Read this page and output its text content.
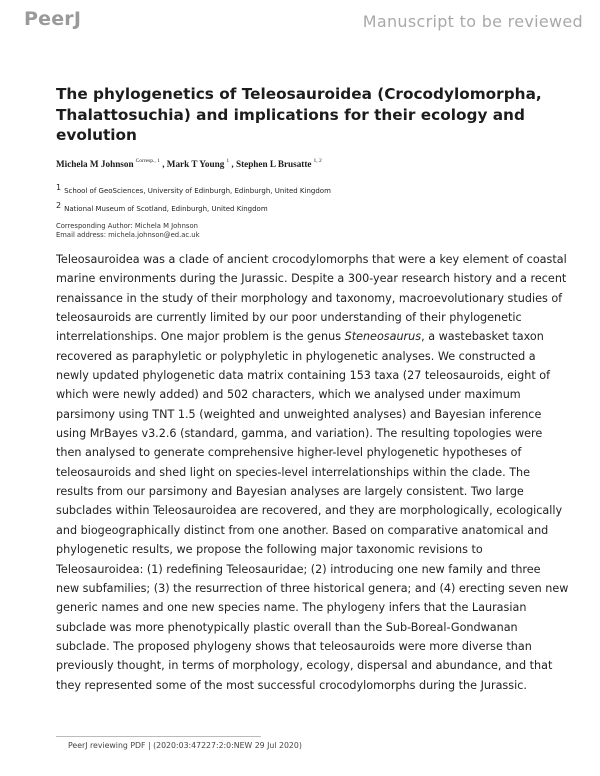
PeerJ	Manuscript to be reviewed
The phylogenetics of Teleosauroidea (Crocodylomorpha, Thalattosuchia) and implications for their ecology and evolution
Michela M Johnson $^{Corresp., 1}$ , Mark T Young $^1$ , Stephen L Brusatte $^{1, 2}$
1 School of GeoSciences, University of Edinburgh, Edinburgh, United Kingdom
2 National Museum of Scotland, Edinburgh, United Kingdom
Corresponding Author: Michela M Johnson
Email address: michela.johnson@ed.ac.uk
Teleosauroidea was a clade of ancient crocodylomorphs that were a key element of coastal
marine environments during the Jurassic. Despite a 300-year research history and a recent
renaissance in the study of their morphology and taxonomy, macroevolutionary studies of
teleosauroids are currently limited by our poor understanding of their phylogenetic
interrelationships. One major problem is the genus Steneosaurus, a wastebasket taxon
recovered as paraphyletic or polyphyletic in phylogenetic analyses. We constructed a
newly updated phylogenetic data matrix containing 153 taxa (27 teleosauroids, eight of
which were newly added) and 502 characters, which we analysed under maximum
parsimony using TNT 1.5 (weighted and unweighted analyses) and Bayesian inference
using MrBayes v3.2.6 (standard, gamma, and variation). The resulting topologies were
then analysed to generate comprehensive higher-level phylogenetic hypotheses of
teleosauroids and shed light on species-level interrelationships within the clade. The
results from our parsimony and Bayesian analyses are largely consistent. Two large
subclades within Teleosauroidea are recovered, and they are morphologically, ecologically
and biogeographically distinct from one another. Based on comparative anatomical and
phylogenetic results, we propose the following major taxonomic revisions to
Teleosauroidea: (1) redefining Teleosauridae; (2) introducing one new family and three
new subfamilies; (3) the resurrection of three historical genera; and (4) erecting seven new
generic names and one new species name. The phylogeny infers that the Laurasian
subclade was more phenotypically plastic overall than the Sub-Boreal-Gondwanan
subclade. The proposed phylogeny shows that teleosauroids were more diverse than
previously thought, in terms of morphology, ecology, dispersal and abundance, and that
they represented some of the most successful crocodylomorphs during the Jurassic.
PeerJ reviewing PDF | (2020:03:47227:2:0:NEW 29 Jul 2020)
